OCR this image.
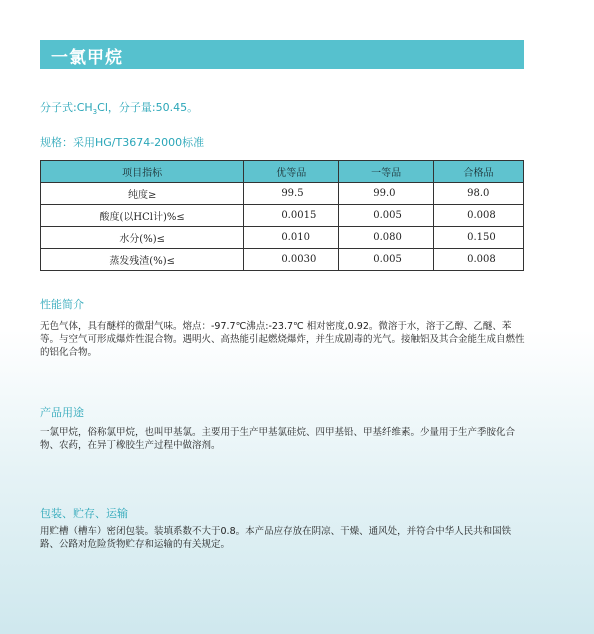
一氯甲烷
分子式$:CH_3Cl$，分子量:50.45。
规格：采用HG/T3674-2000标准
项目指标	优等品	一等品	合格品
纯度≥	99.5	99.0	98.0
酸度(以HCl计)%≤	0.0015	0.005	0.008
水分(%)≤	0.010	0.080	0.150
蒸发残渣(%)≤	0.0030	0.005	0.008
性能简介
无色气体，具有醚样的微甜气味。熔点：-97.7℃沸点:-23.7℃ 相对密度,0.92。微溶于水，溶于乙醇、乙醚、苯等。与空气可形成爆炸性混合物。遇明火、高热能引起燃烧爆炸，并生成剧毒的光气。接触铝及其合金能生成自燃性的铝化合物。
产品用途
一氯甲烷，俗称氯甲烷，也叫甲基氯。主要用于生产甲基氯硅烷、四甲基铅、甲基纤维素。少量用于生产季胺化合物、农药，在异丁橡胶生产过程中做溶剂。
包装、贮存、运输
用贮槽（槽车）密闭包装。装填系数不大于0.8。本产品应存放在阴凉、干燥、通风处，并符合中华人民共和国铁路、公路对危险货物贮存和运输的有关规定。
